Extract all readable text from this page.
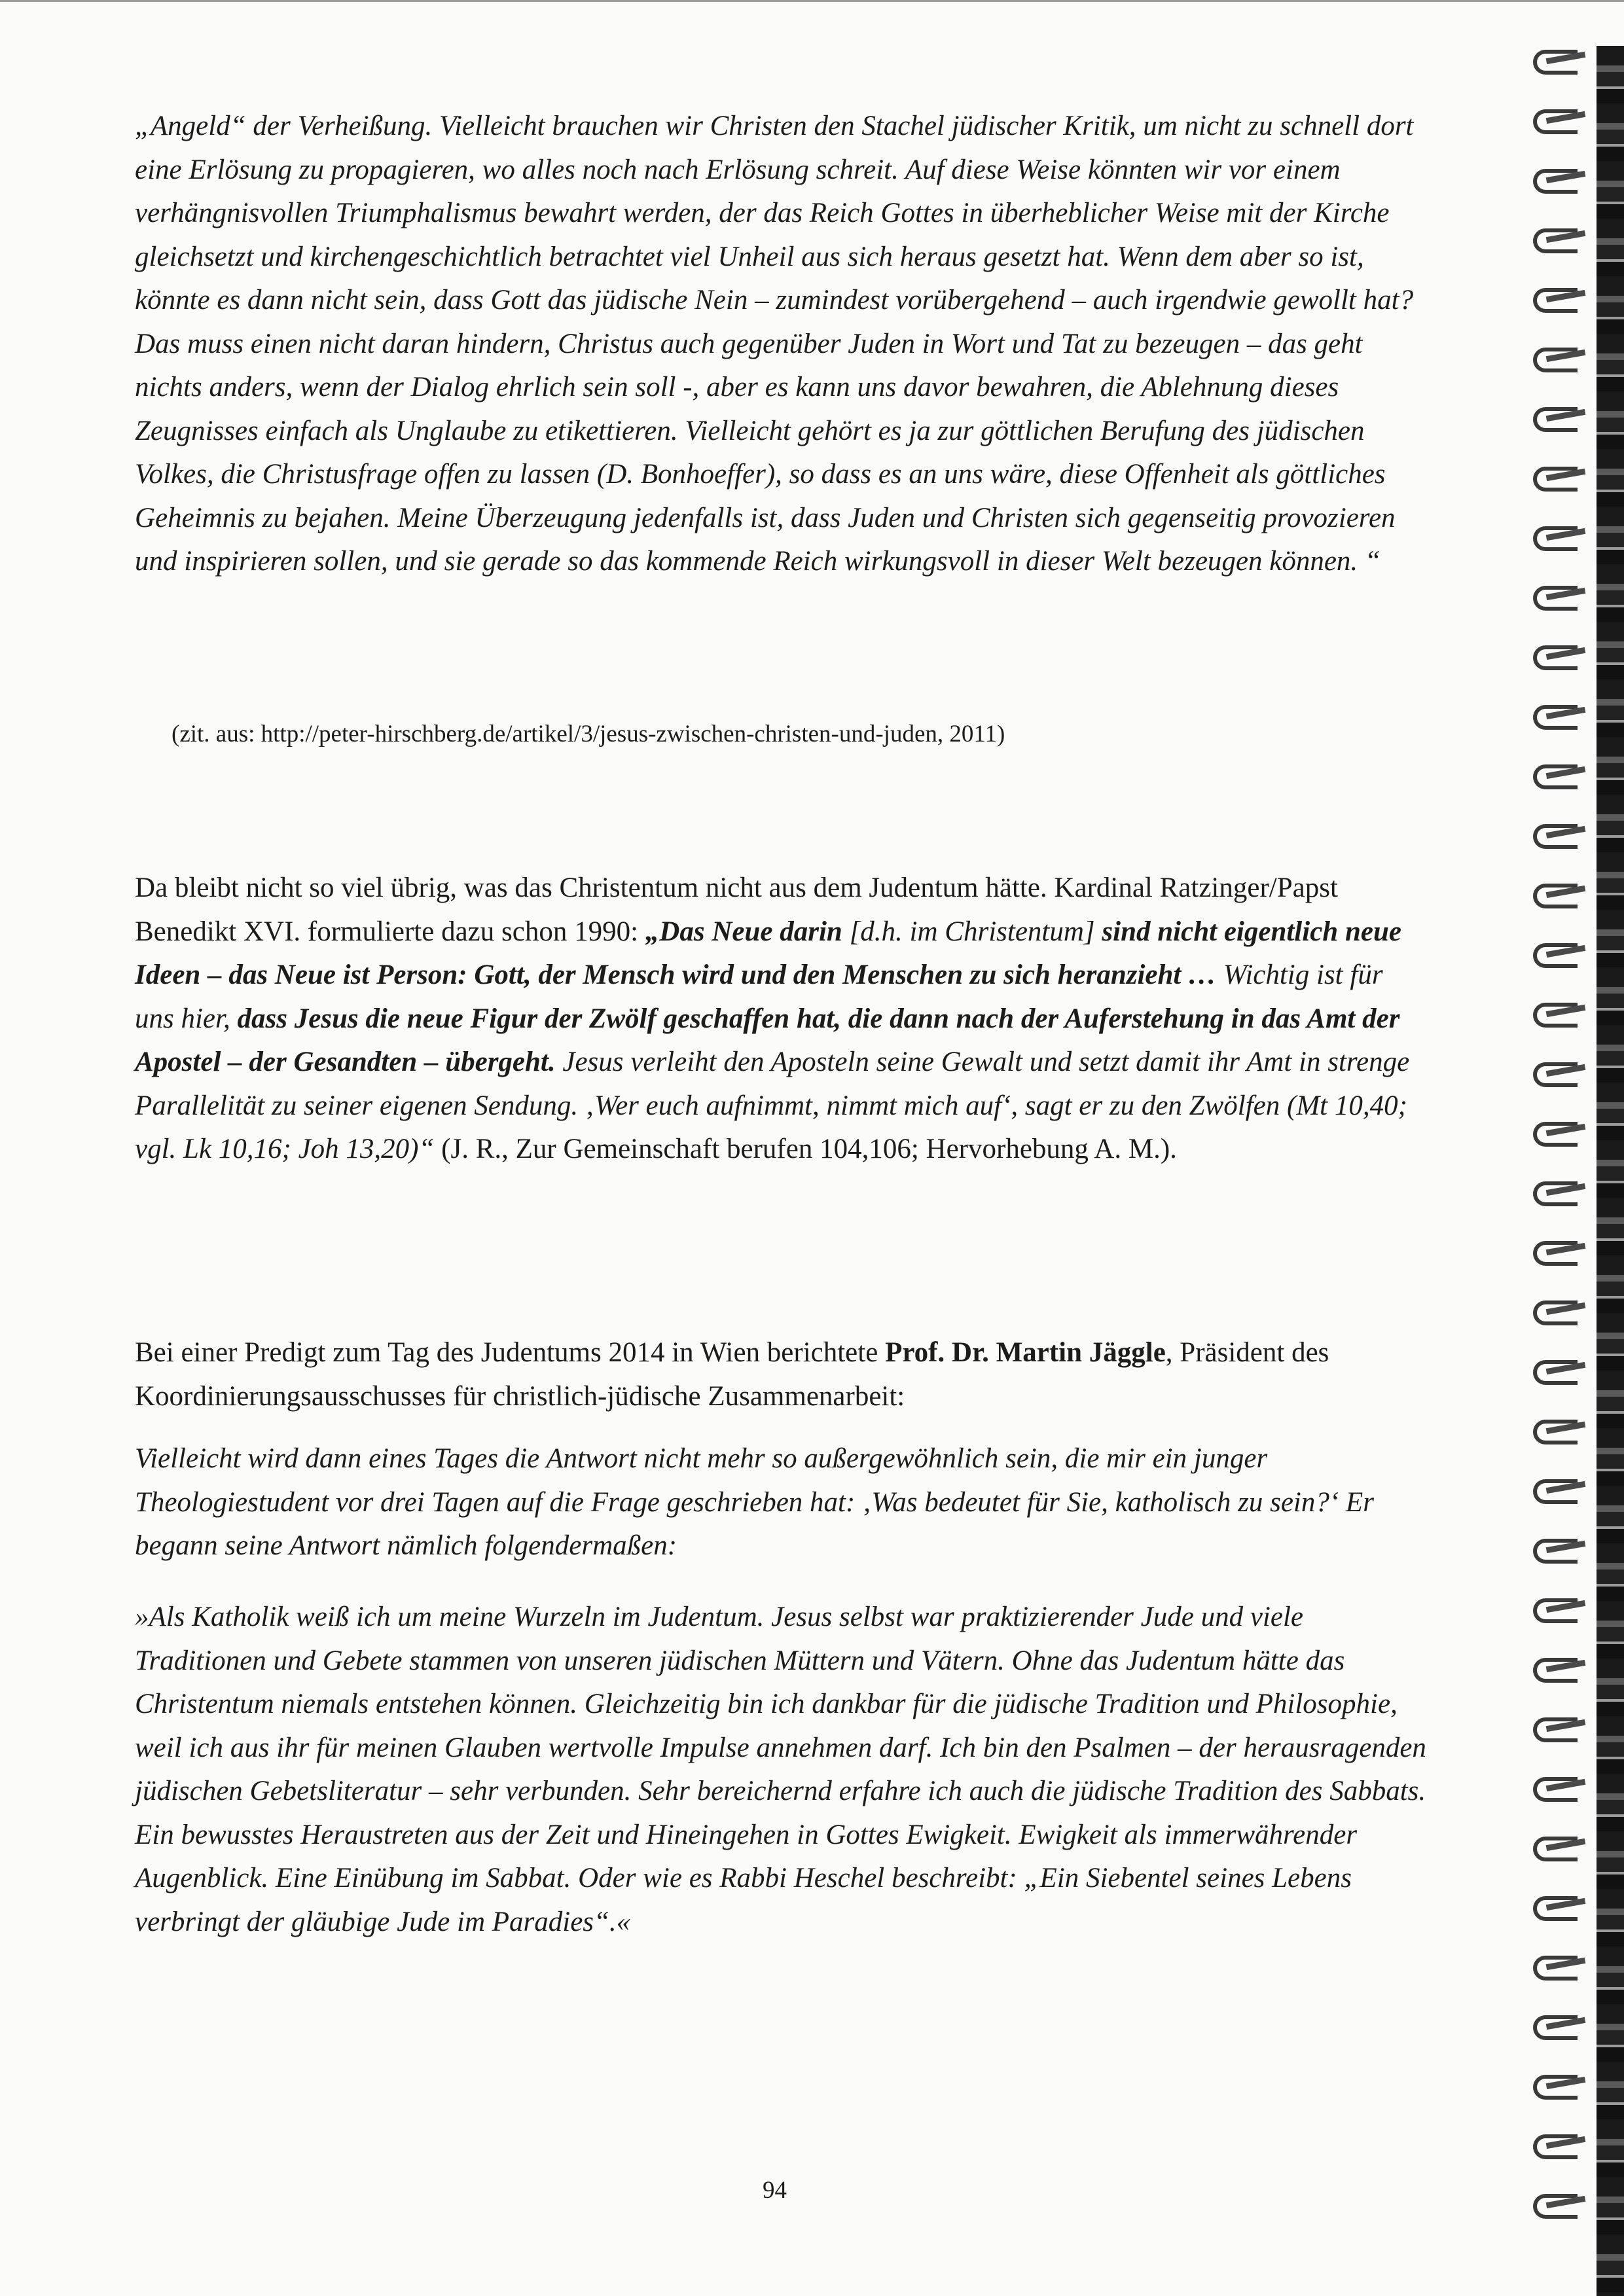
„Angeld“ der Verheißung. Vielleicht brauchen wir Christen den Stachel jüdischer Kritik, um nicht zu schnell dort eine Erlösung zu propagieren, wo alles noch nach Erlösung schreit. Auf diese Weise könnten wir vor einem verhängnisvollen Triumphalismus bewahrt werden, der das Reich Gottes in überheblicher Weise mit der Kirche gleichsetzt und kirchengeschichtlich betrachtet viel Unheil aus sich heraus gesetzt hat. Wenn dem aber so ist, könnte es dann nicht sein, dass Gott das jüdische Nein – zumindest vorübergehend – auch irgendwie gewollt hat? Das muss einen nicht daran hindern, Christus auch gegenüber Juden in Wort und Tat zu bezeugen – das geht nichts anders, wenn der Dialog ehrlich sein soll -, aber es kann uns davor bewahren, die Ablehnung dieses Zeugnisses einfach als Unglaube zu etikettieren. Vielleicht gehört es ja zur göttlichen Berufung des jüdischen Volkes, die Christusfrage offen zu lassen (D. Bonhoeffer), so dass es an uns wäre, diese Offenheit als göttliches Geheimnis zu bejahen. Meine Überzeugung jedenfalls ist, dass Juden und Christen sich gegenseitig provozieren und inspirieren sollen, und sie gerade so das kommende Reich wirkungsvoll in dieser Welt bezeugen können. “

(zit. aus: http://peter-hirschberg.de/artikel/3/jesus-zwischen-christen-und-juden, 2011)

Da bleibt nicht so viel übrig, was das Christentum nicht aus dem Judentum hätte. Kardinal Ratzinger/Papst Benedikt XVI. formulierte dazu schon 1990: „Das Neue darin [d.h. im Christentum] sind nicht eigentlich neue Ideen – das Neue ist Person: Gott, der Mensch wird und den Menschen zu sich heranzieht … Wichtig ist für uns hier, dass Jesus die neue Figur der Zwölf geschaffen hat, die dann nach der Auferstehung in das Amt der Apostel – der Gesandten – übergeht. Jesus verleiht den Aposteln seine Gewalt und setzt damit ihr Amt in strenge Parallelität zu seiner eigenen Sendung. ‚Wer euch aufnimmt, nimmt mich auf‘, sagt er zu den Zwölfen (Mt 10,40; vgl. Lk 10,16; Joh 13,20)“ (J. R., Zur Gemeinschaft berufen 104,106; Hervorhebung A. M.).

Bei einer Predigt zum Tag des Judentums 2014 in Wien berichtete Prof. Dr. Martin Jäggle, Präsident des Koordinierungsausschusses für christlich-jüdische Zusammenarbeit:

Vielleicht wird dann eines Tages die Antwort nicht mehr so außergewöhnlich sein, die mir ein junger Theologiestudent vor drei Tagen auf die Frage geschrieben hat: ‚Was bedeutet für Sie, katholisch zu sein?‘ Er begann seine Antwort nämlich folgendermaßen:

»Als Katholik weiß ich um meine Wurzeln im Judentum. Jesus selbst war praktizierender Jude und viele Traditionen und Gebete stammen von unseren jüdischen Müttern und Vätern. Ohne das Judentum hätte das Christentum niemals entstehen können. Gleichzeitig bin ich dankbar für die jüdische Tradition und Philosophie, weil ich aus ihr für meinen Glauben wertvolle Impulse annehmen darf. Ich bin den Psalmen – der herausragenden jüdischen Gebetsliteratur – sehr verbunden. Sehr bereichernd erfahre ich auch die jüdische Tradition des Sabbats. Ein bewusstes Heraustreten aus der Zeit und Hineingehen in Gottes Ewigkeit. Ewigkeit als immerwährender Augenblick. Eine Einübung im Sabbat. Oder wie es Rabbi Heschel beschreibt: „Ein Siebentel seines Lebens verbringt der gläubige Jude im Paradies“.«

94
